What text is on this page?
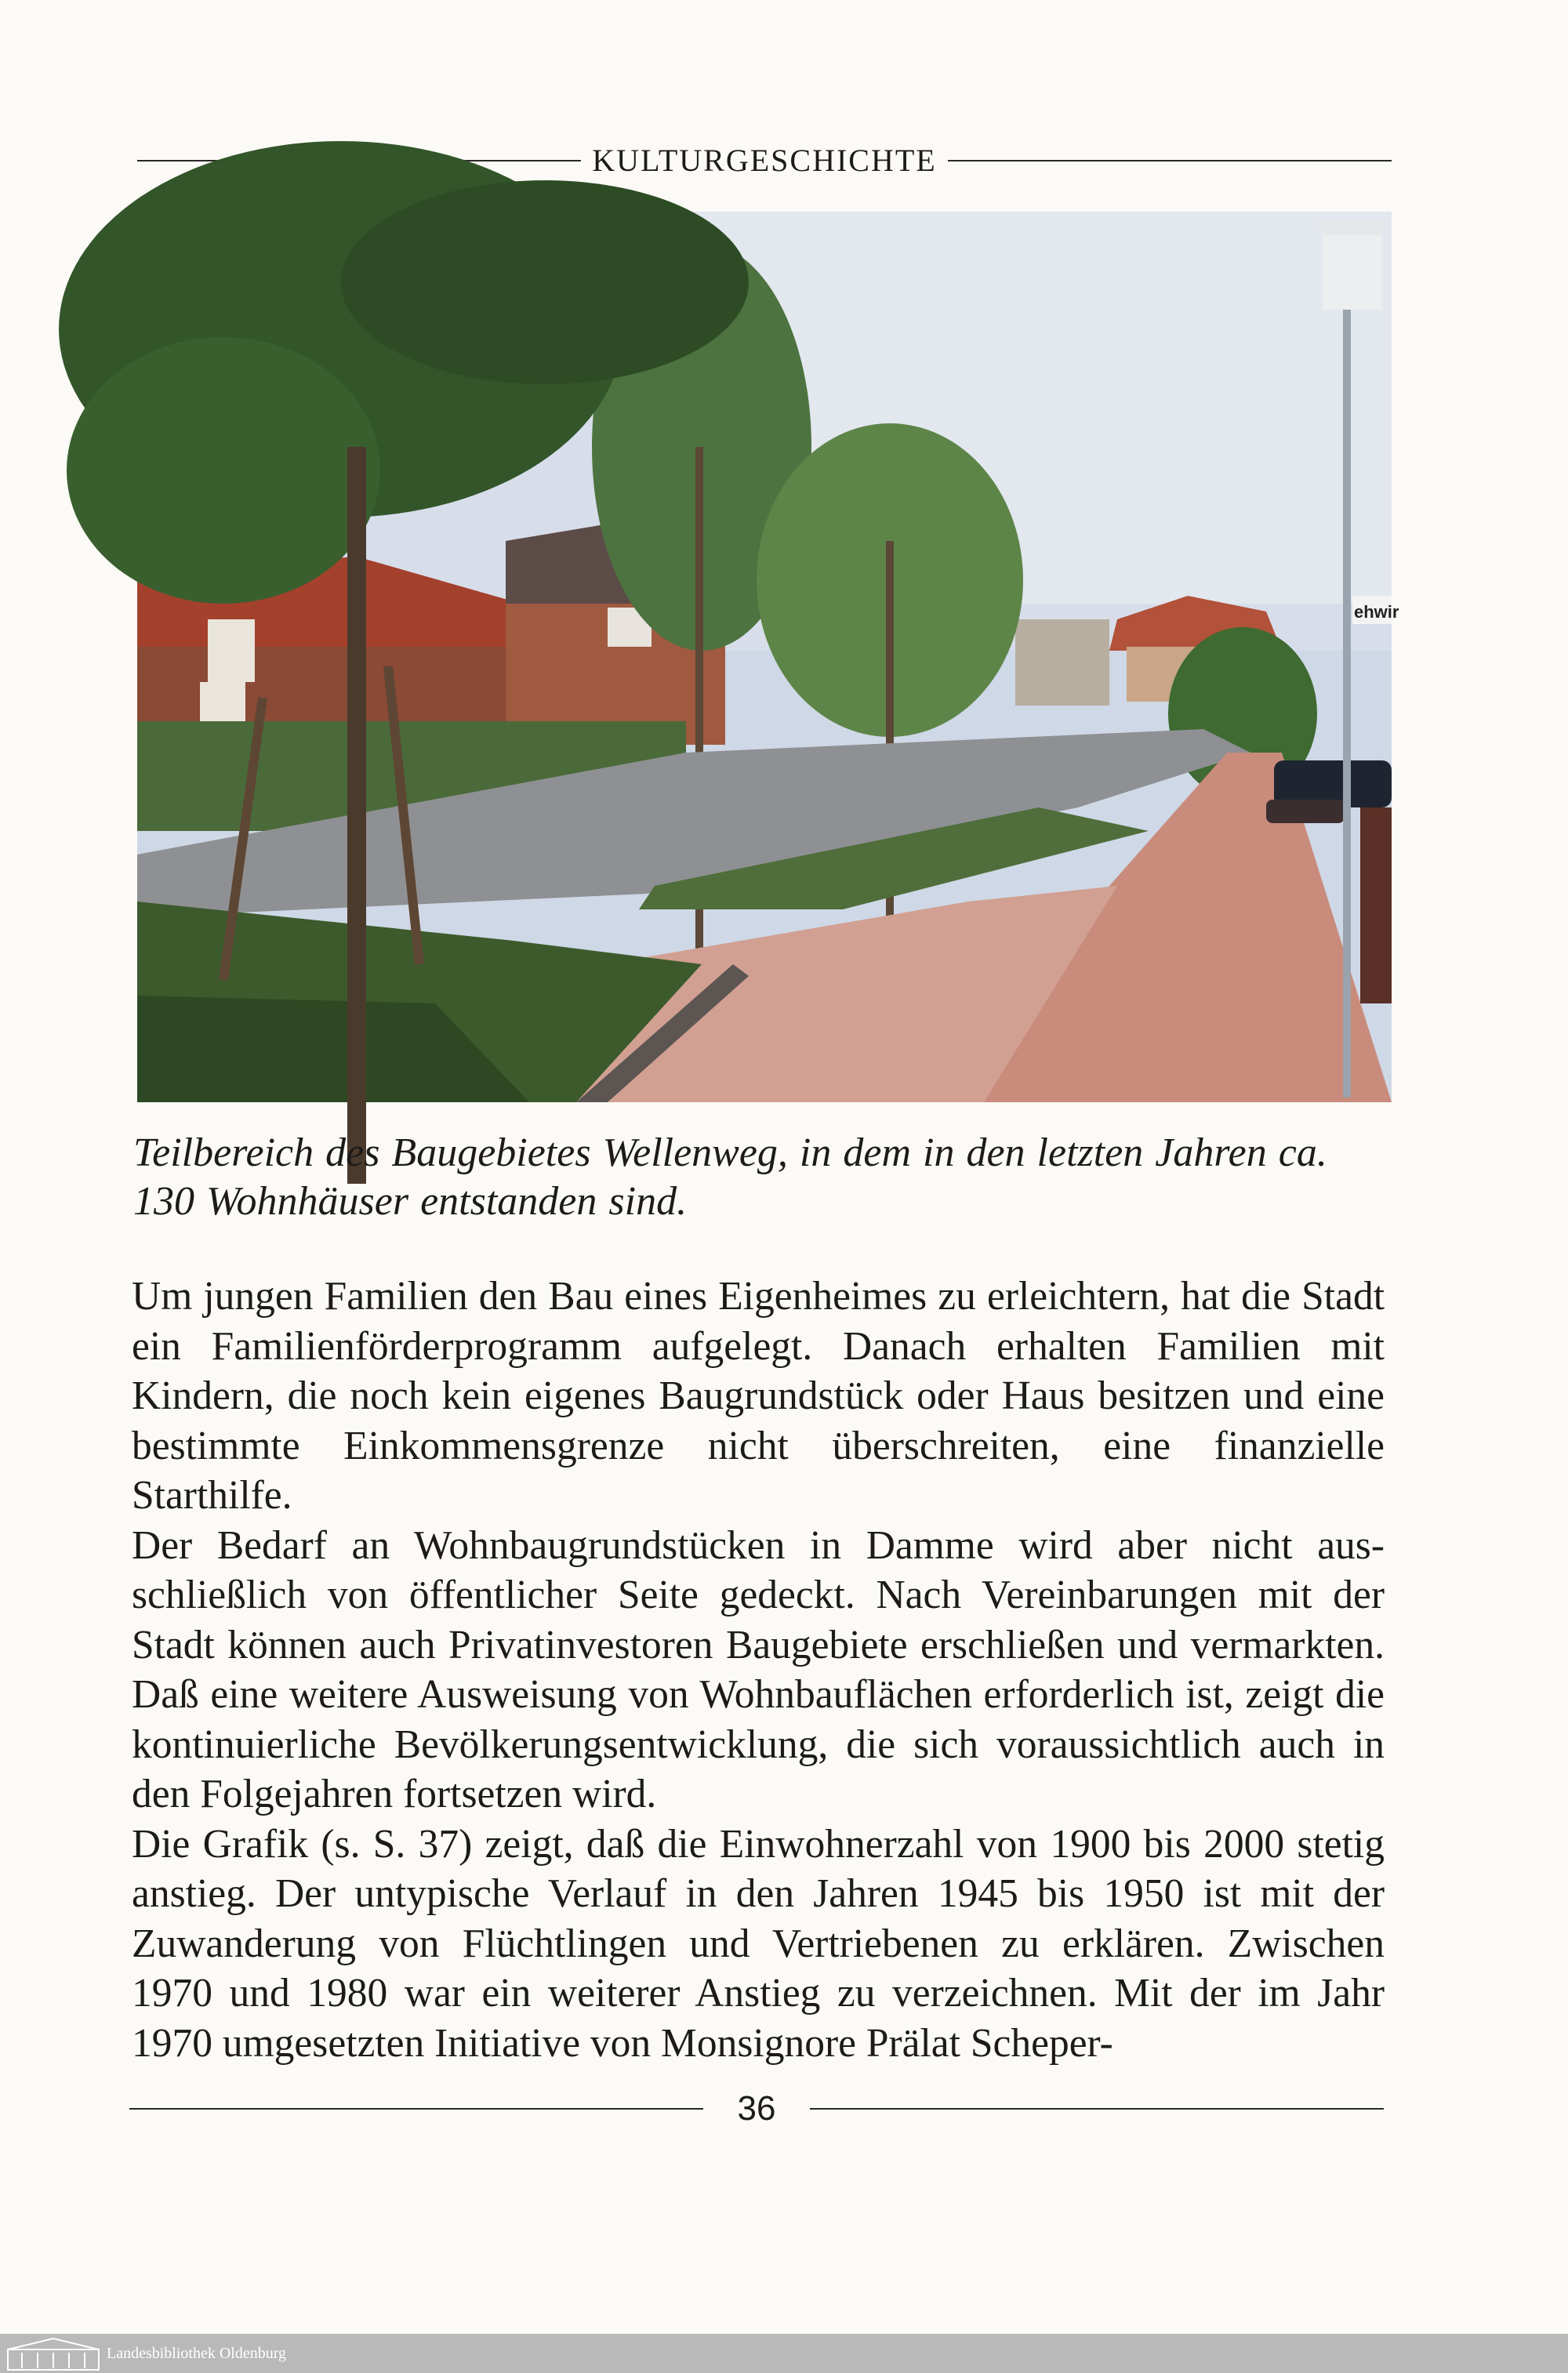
KULTURGESCHICHTE
ehwir
Teilbereich des Baugebietes Wellenweg, in dem in den letzten Jahren ca. 130 Wohnhäuser entstanden sind.

Um jungen Familien den Bau eines Eigenheimes zu erleichtern, hat die Stadt ein Familienförderprogramm aufgelegt. Danach erhalten Familien mit Kindern, die noch kein eigenes Baugrundstück oder Haus besitzen und eine bestimmte Einkommensgrenze nicht überschreiten, eine finanzielle Starthilfe.

Der Bedarf an Wohnbaugrundstücken in Damme wird aber nicht ausschließlich von öffentlicher Seite gedeckt. Nach Vereinbarungen mit der Stadt können auch Privatinvestoren Baugebiete erschließen und vermarkten. Daß eine weitere Ausweisung von Wohnbauflächen erforderlich ist, zeigt die kontinuierliche Bevölkerungsentwicklung, die sich voraussichtlich auch in den Folgejahren fortsetzen wird.

Die Grafik (s. S. 37) zeigt, daß die Einwohnerzahl von 1900 bis 2000 stetig anstieg. Der untypische Verlauf in den Jahren 1945 bis 1950 ist mit der Zuwanderung von Flüchtlingen und Vertriebenen zu erklären. Zwischen 1970 und 1980 war ein weiterer Anstieg zu verzeichnen. Mit der im Jahr 1970 umgesetzten Initiative von Monsignore Prälat Scheper-

36
Landesbibliothek Oldenburg
